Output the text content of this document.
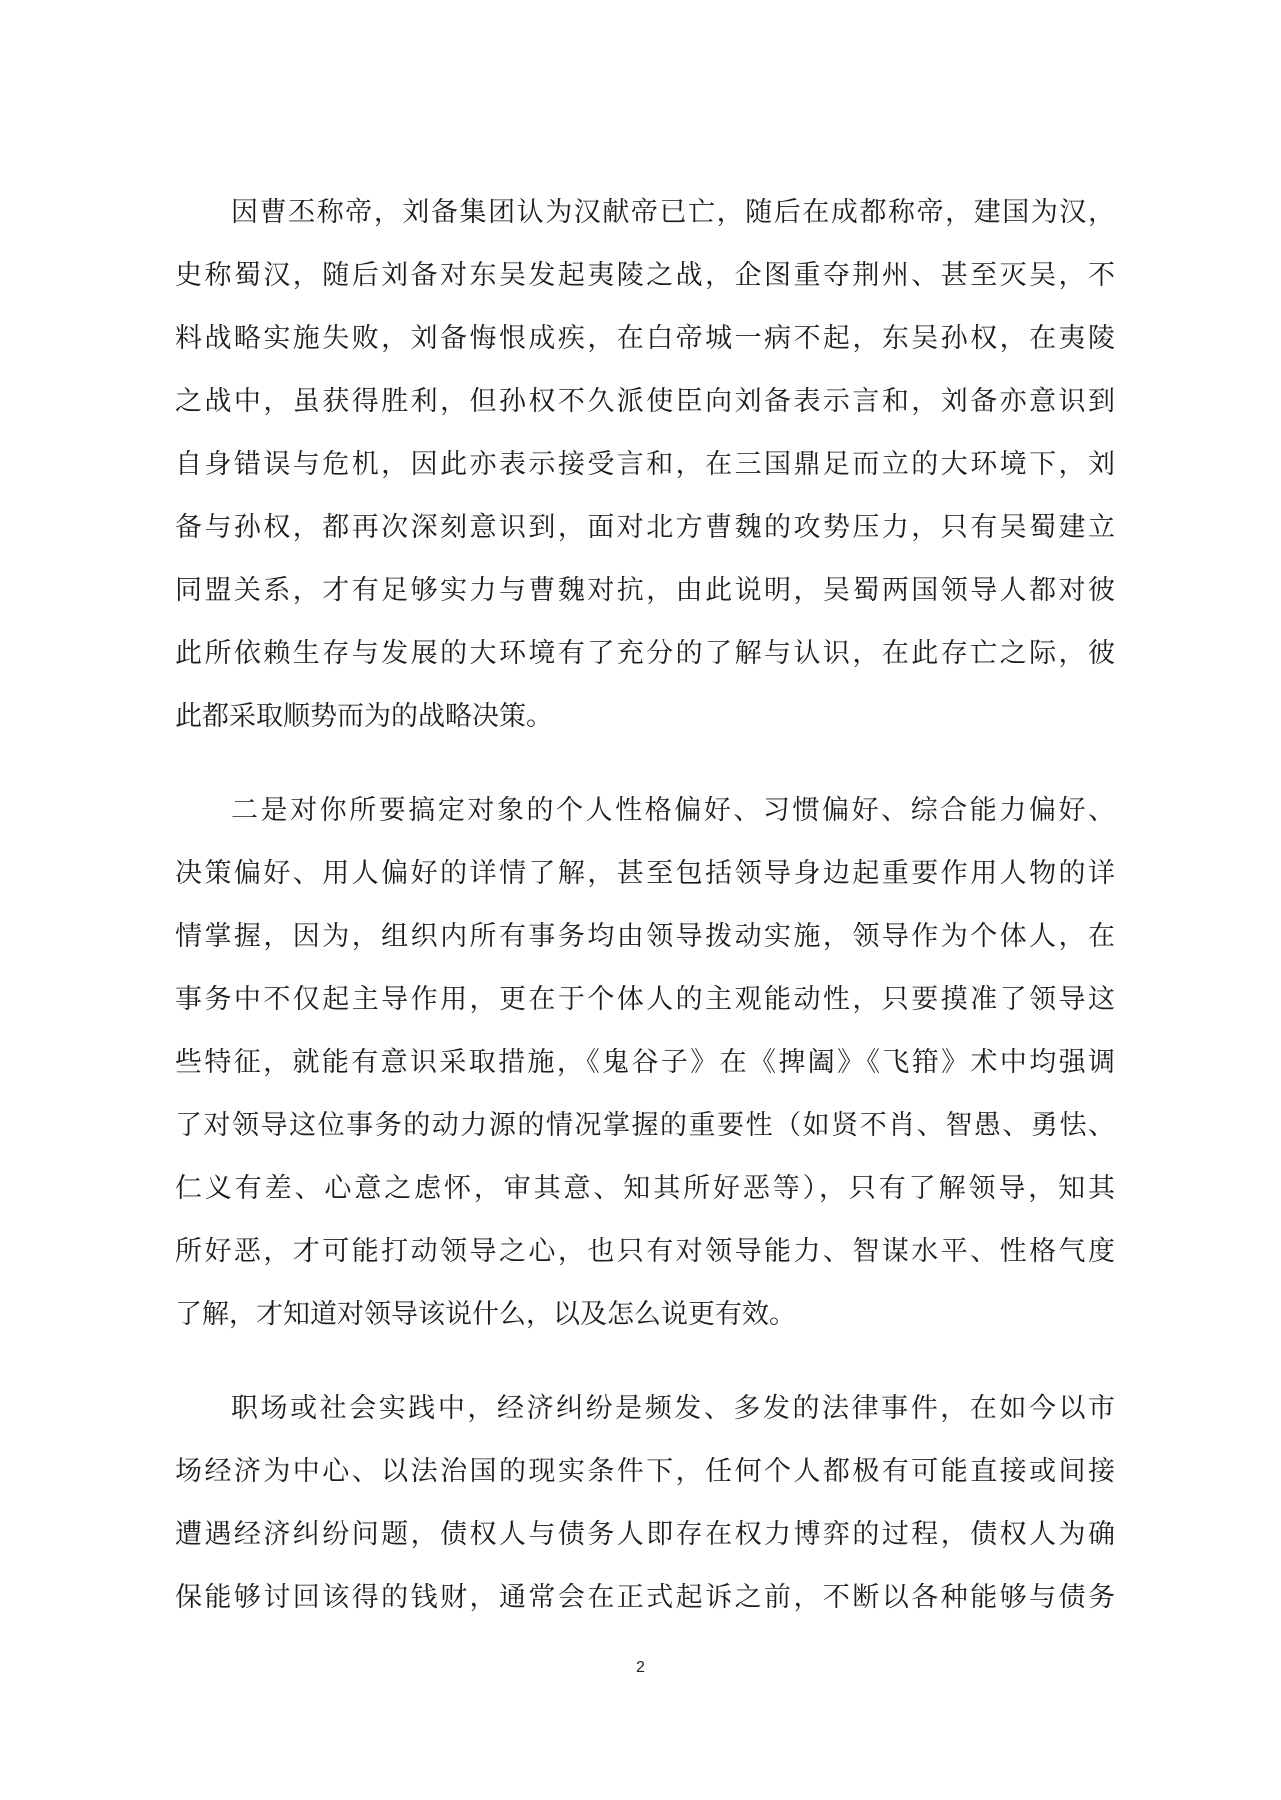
因曹丕称帝，刘备集团认为汉献帝已亡，随后在成都称帝，建国为汉，
史称蜀汉，随后刘备对东吴发起夷陵之战，企图重夺荆州、甚至灭吴，不
料战略实施失败，刘备悔恨成疾，在白帝城一病不起，东吴孙权，在夷陵
之战中，虽获得胜利，但孙权不久派使臣向刘备表示言和，刘备亦意识到
自身错误与危机，因此亦表示接受言和，在三国鼎足而立的大环境下，刘
备与孙权，都再次深刻意识到，面对北方曹魏的攻势压力，只有吴蜀建立
同盟关系，才有足够实力与曹魏对抗，由此说明，吴蜀两国领导人都对彼
此所依赖生存与发展的大环境有了充分的了解与认识，在此存亡之际，彼
此都采取顺势而为的战略决策。
二是对你所要搞定对象的个人性格偏好、习惯偏好、综合能力偏好、
决策偏好、用人偏好的详情了解，甚至包括领导身边起重要作用人物的详
情掌握，因为，组织内所有事务均由领导拨动实施，领导作为个体人，在
事务中不仅起主导作用，更在于个体人的主观能动性，只要摸准了领导这
些特征，就能有意识采取措施，《鬼谷子》在《捭阖》《飞箝》术中均强调
了对领导这位事务的动力源的情况掌握的重要性（如贤不肖、智愚、勇怯、
仁义有差、心意之虑怀，审其意、知其所好恶等），只有了解领导，知其
所好恶，才可能打动领导之心，也只有对领导能力、智谋水平、性格气度
了解，才知道对领导该说什么，以及怎么说更有效。
职场或社会实践中，经济纠纷是频发、多发的法律事件，在如今以市
场经济为中心、以法治国的现实条件下，任何个人都极有可能直接或间接
遭遇经济纠纷问题，债权人与债务人即存在权力博弈的过程，债权人为确
保能够讨回该得的钱财，通常会在正式起诉之前，不断以各种能够与债务
2
